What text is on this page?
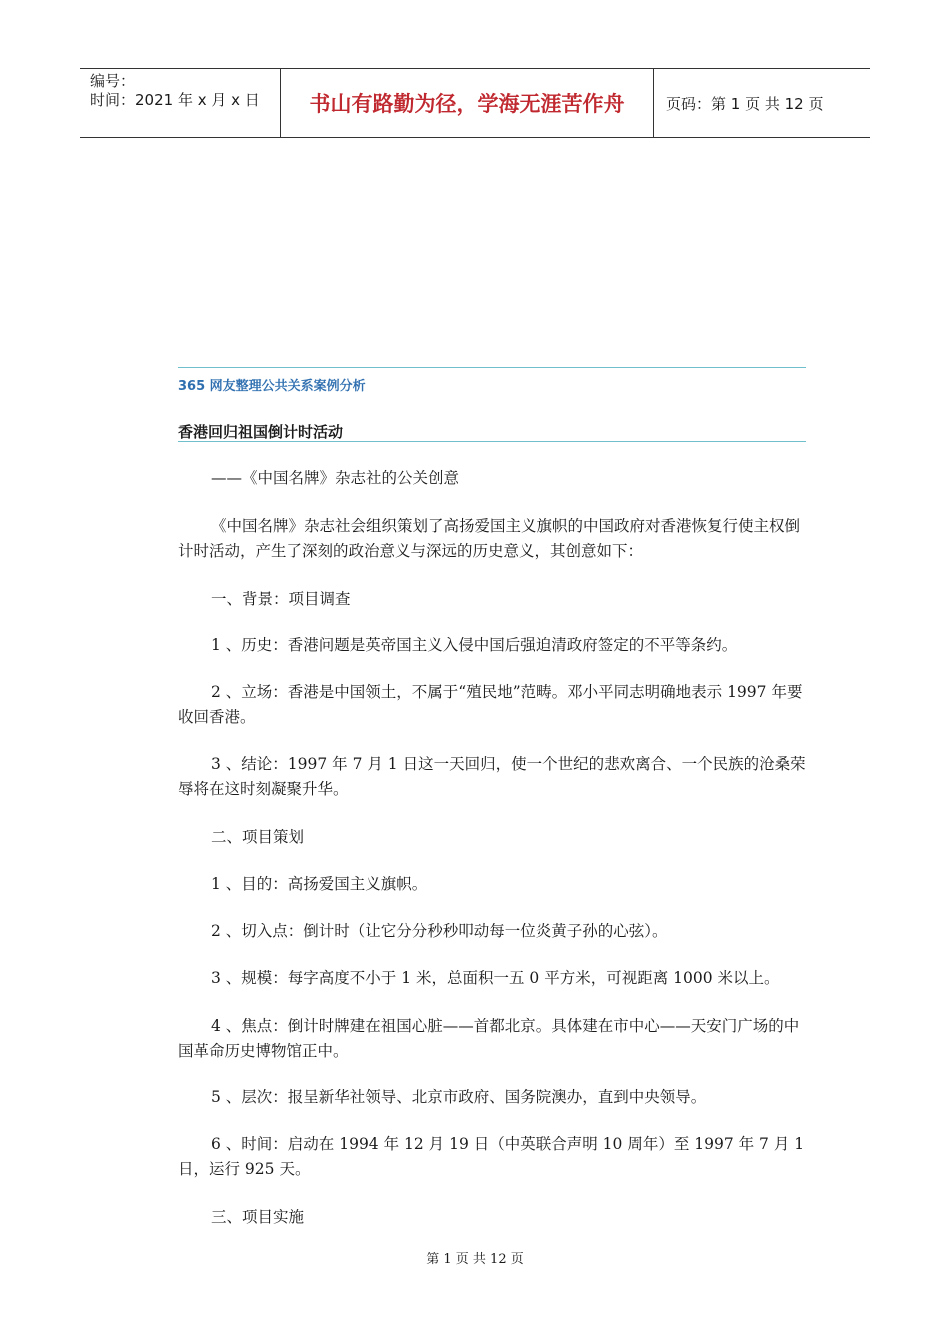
编号：
时间：2021 年 x 月 x 日	书山有路勤为径，学海无涯苦作舟	页码：第 1 页 共 12 页
365 网友整理公共关系案例分析
香港回归祖国倒计时活动

——《中国名牌》杂志社的公关创意

《中国名牌》杂志社会组织策划了高扬爱国主义旗帜的中国政府对香港恢复行使主权倒计时活动，产生了深刻的政治意义与深远的历史意义，其创意如下：

一、背景：项目调查

1 、历史：香港问题是英帝国主义入侵中国后强迫清政府签定的不平等条约。

2 、立场：香港是中国领土，不属于“殖民地”范畴。邓小平同志明确地表示 1997 年要收回香港。

3 、结论：1997 年 7 月 1 日这一天回归，使一个世纪的悲欢离合、一个民族的沧桑荣辱将在这时刻凝聚升华。

二、项目策划

1 、目的：高扬爱国主义旗帜。

2 、切入点：倒计时（让它分分秒秒叩动每一位炎黄子孙的心弦）。

3 、规模：每字高度不小于 1 米，总面积一五 0 平方米，可视距离 1000 米以上。

4 、焦点：倒计时牌建在祖国心脏——首都北京。具体建在市中心——天安门广场的中国革命历史博物馆正中。

5 、层次：报呈新华社领导、北京市政府、国务院澳办，直到中央领导。

6 、时间：启动在 1994 年 12 月 19 日（中英联合声明 10 周年）至 1997 年 7 月 1 日，运行 925 天。

三、项目实施

第 1 页 共 12 页
